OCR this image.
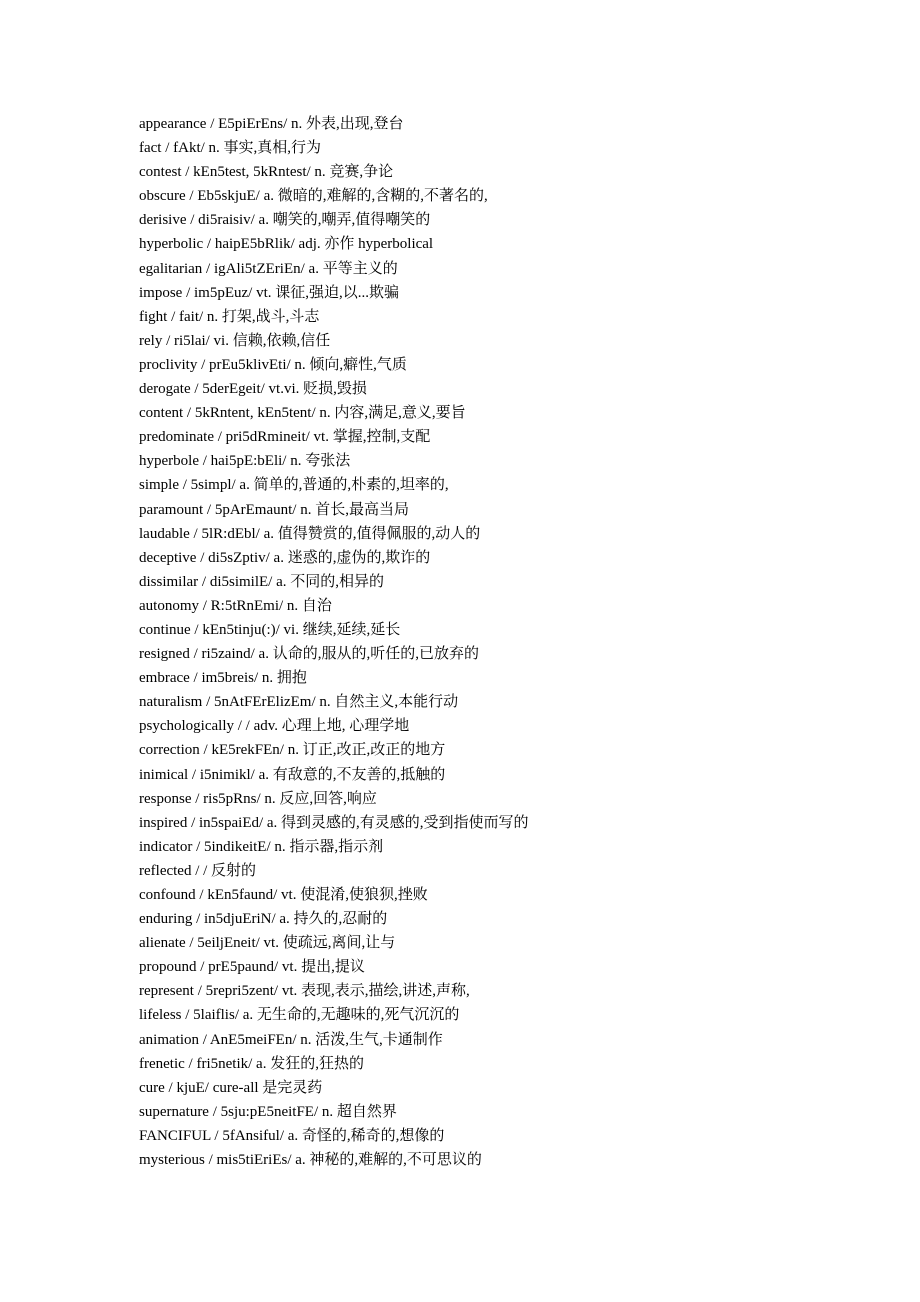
appearance / E5piErEns/ n. 外表,出现,登台
fact / fAkt/ n. 事实,真相,行为
contest / kEn5test, 5kRntest/ n. 竞赛,争论
obscure / Eb5skjuE/ a. 微暗的,难解的,含糊的,不著名的,
derisive / di5raisiv/ a. 嘲笑的,嘲弄,值得嘲笑的
hyperbolic / haipE5bRlik/ adj. 亦作 hyperbolical
egalitarian / igAli5tZEriEn/ a. 平等主义的
impose / im5pEuz/ vt. 课征,强迫,以...欺骗
fight / fait/ n. 打架,战斗,斗志
rely / ri5lai/ vi. 信赖,依赖,信任
proclivity / prEu5klivEti/ n. 倾向,癖性,气质
derogate / 5derEgeit/ vt.vi. 贬损,毁损
content / 5kRntent, kEn5tent/ n. 内容,满足,意义,要旨
predominate / pri5dRmineit/ vt. 掌握,控制,支配
hyperbole / hai5pE:bEli/ n. 夸张法
simple / 5simpl/ a. 简单的,普通的,朴素的,坦率的,
paramount / 5pArEmaunt/ n. 首长,最高当局
laudable / 5lR:dEbl/ a. 值得赞赏的,值得佩服的,动人的
deceptive / di5sZptiv/ a. 迷惑的,虚伪的,欺诈的
dissimilar / di5similE/ a. 不同的,相异的
autonomy / R:5tRnEmi/ n. 自治
continue / kEn5tinju(:)/ vi. 继续,延续,延长
resigned / ri5zaind/ a. 认命的,服从的,听任的,已放弃的
embrace / im5breis/ n. 拥抱
naturalism / 5nAtFErElizEm/ n. 自然主义,本能行动
psychologically / / adv. 心理上地, 心理学地
correction / kE5rekFEn/ n. 订正,改正,改正的地方
inimical / i5nimikl/ a. 有敌意的,不友善的,抵触的
response / ris5pRns/ n. 反应,回答,响应
inspired / in5spaiEd/ a. 得到灵感的,有灵感的,受到指使而写的
indicator / 5indikeitE/ n. 指示器,指示剂
reflected / / 反射的
confound / kEn5faund/ vt. 使混淆,使狼狈,挫败
enduring / in5djuEriN/ a. 持久的,忍耐的
alienate / 5eiljEneit/ vt. 使疏远,离间,让与
propound / prE5paund/ vt. 提出,提议
represent / 5repri5zent/ vt. 表现,表示,描绘,讲述,声称,
lifeless / 5laiflis/ a. 无生命的,无趣味的,死气沉沉的
animation / AnE5meiFEn/ n. 活泼,生气,卡通制作
frenetic / fri5netik/ a. 发狂的,狂热的
cure / kjuE/ cure-all 是完灵药
supernature / 5sju:pE5neitFE/ n. 超自然界
FANCIFUL / 5fAnsiful/ a. 奇怪的,稀奇的,想像的
mysterious / mis5tiEriEs/ a. 神秘的,难解的,不可思议的
